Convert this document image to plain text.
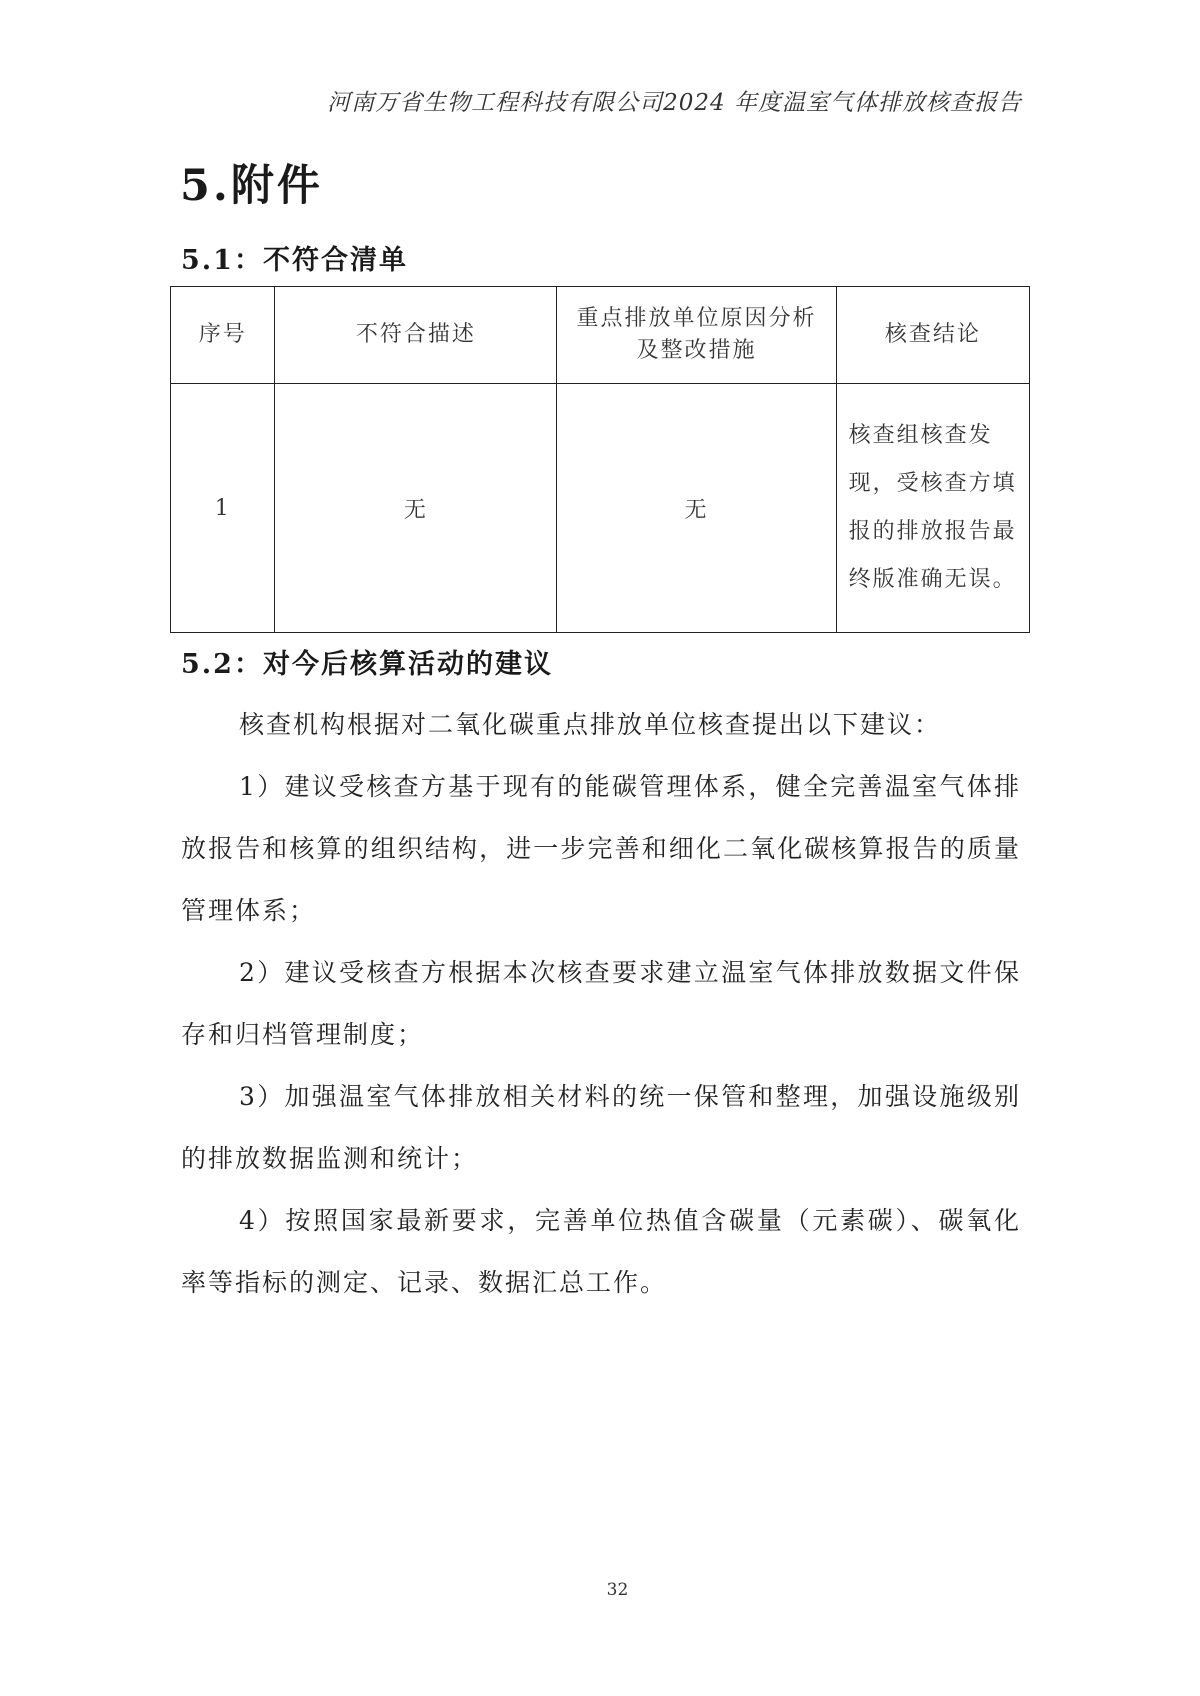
河南万省生物工程科技有限公司2024 年度温室气体排放核查报告
5.附件
5.1：不符合清单
序号	不符合描述	重点排放单位原因分析及整改措施	核查结论
1	无	无	核查组核查发现，受核查方填报的排放报告最终版准确无误。
5.2：对今后核算活动的建议
核查机构根据对二氧化碳重点排放单位核查提出以下建议：
1）建议受核查方基于现有的能碳管理体系，健全完善温室气体排放报告和核算的组织结构，进一步完善和细化二氧化碳核算报告的质量管理体系；
2）建议受核查方根据本次核查要求建立温室气体排放数据文件保存和归档管理制度；
3）加强温室气体排放相关材料的统一保管和整理，加强设施级别的排放数据监测和统计；
4）按照国家最新要求，完善单位热值含碳量（元素碳）、碳氧化率等指标的测定、记录、数据汇总工作。
32
